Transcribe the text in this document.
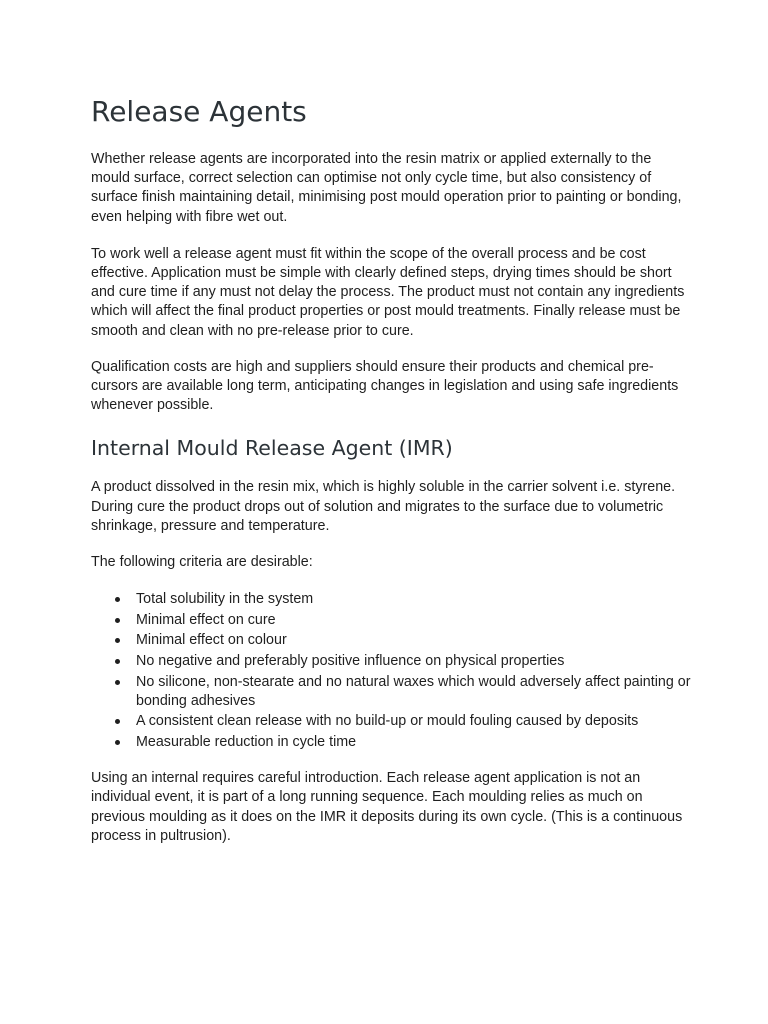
Release Agents

Whether release agents are incorporated into the resin matrix or applied externally to the mould surface, correct selection can optimise not only cycle time, but also consistency of surface finish maintaining detail, minimising post mould operation prior to painting or bonding, even helping with fibre wet out.

To work well a release agent must fit within the scope of the overall process and be cost effective. Application must be simple with clearly defined steps, drying times should be short and cure time if any must not delay the process. The product must not contain any ingredients which will affect the final product properties or post mould treatments. Finally release must be smooth and clean with no pre-release prior to cure.

Qualification costs are high and suppliers should ensure their products and chemical pre-cursors are available long term, anticipating changes in legislation and using safe ingredients whenever possible.

Internal Mould Release Agent (IMR)

A product dissolved in the resin mix, which is highly soluble in the carrier solvent i.e. styrene. During cure the product drops out of solution and migrates to the surface due to volumetric shrinkage, pressure and temperature.

The following criteria are desirable:

Total solubility in the system
Minimal effect on cure
Minimal effect on colour
No negative and preferably positive influence on physical properties
No silicone, non-stearate and no natural waxes which would adversely affect painting or bonding adhesives
A consistent clean release with no build-up or mould fouling caused by deposits
Measurable reduction in cycle time

Using an internal requires careful introduction. Each release agent application is not an individual event, it is part of a long running sequence. Each moulding relies as much on previous moulding as it does on the IMR it deposits during its own cycle. (This is a continuous process in pultrusion).
